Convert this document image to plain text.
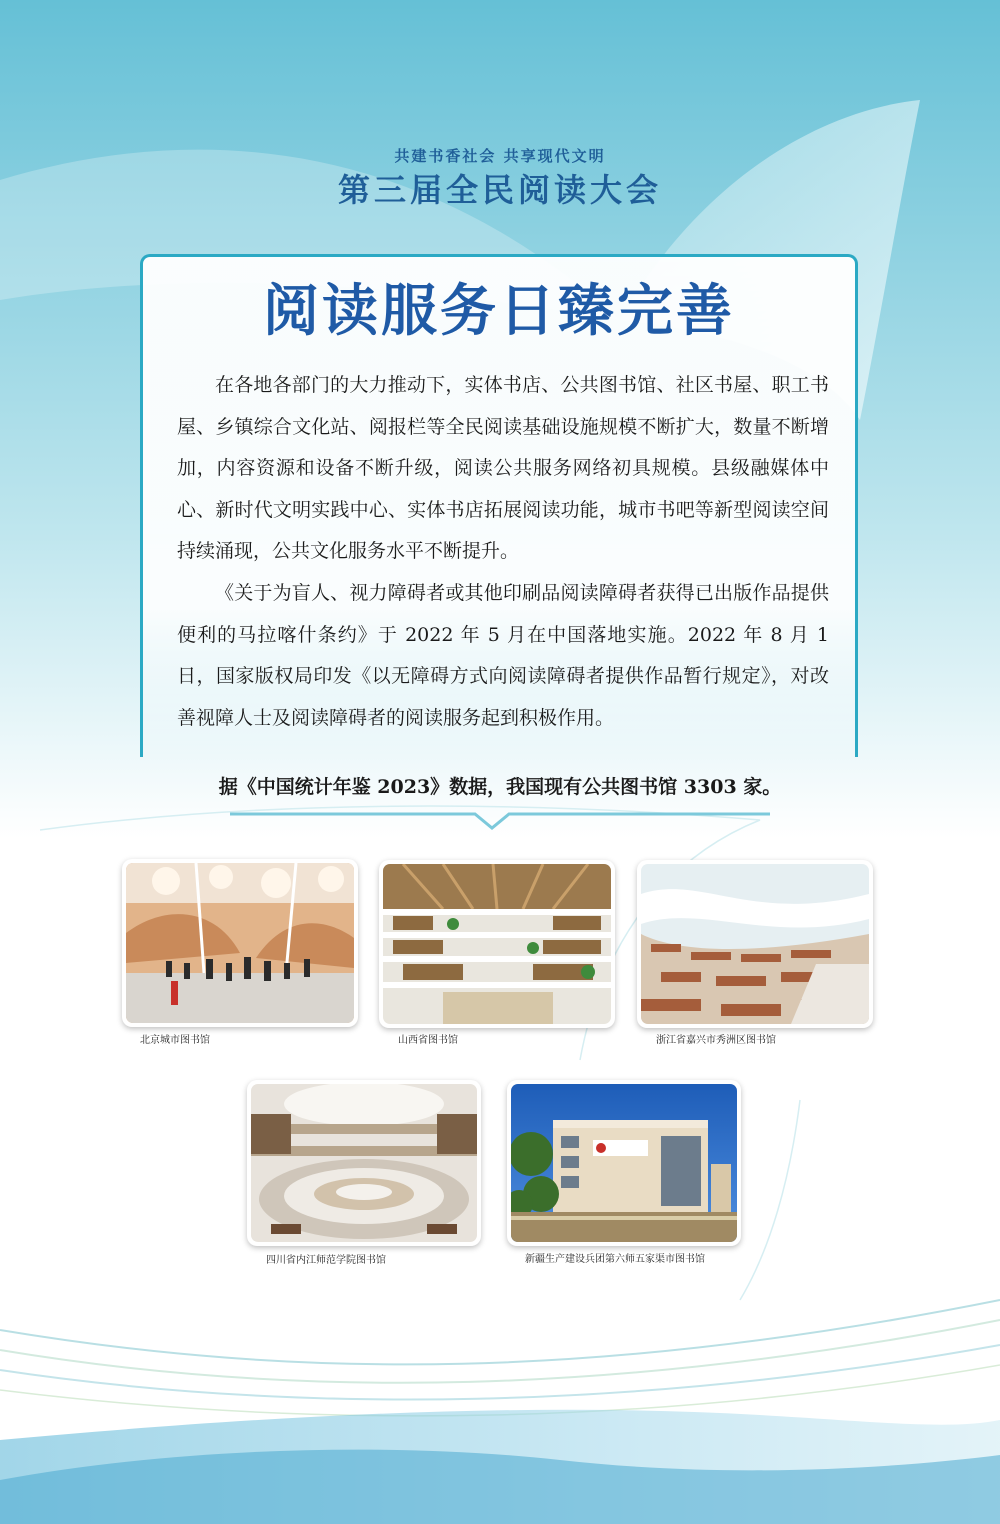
共建书香社会 共享现代文明
第三届全民阅读大会
阅读服务日臻完善

在各地各部门的大力推动下，实体书店、公共图书馆、社区书屋、职工书屋、乡镇综合文化站、阅报栏等全民阅读基础设施规模不断扩大，数量不断增加，内容资源和设备不断升级，阅读公共服务网络初具规模。县级融媒体中心、新时代文明实践中心、实体书店拓展阅读功能，城市书吧等新型阅读空间持续涌现，公共文化服务水平不断提升。

《关于为盲人、视力障碍者或其他印刷品阅读障碍者获得已出版作品提供便利的马拉喀什条约》于 2022 年 5 月在中国落地实施。2022 年 8 月 1 日，国家版权局印发《以无障碍方式向阅读障碍者提供作品暂行规定》，对改善视障人士及阅读障碍者的阅读服务起到积极作用。

据《中国统计年鉴 2023》数据，我国现有公共图书馆 3303 家。
北京城市图书馆	山西省图书馆	浙江省嘉兴市秀洲区图书馆
四川省内江师范学院图书馆	新疆生产建设兵团第六师五家渠市图书馆
